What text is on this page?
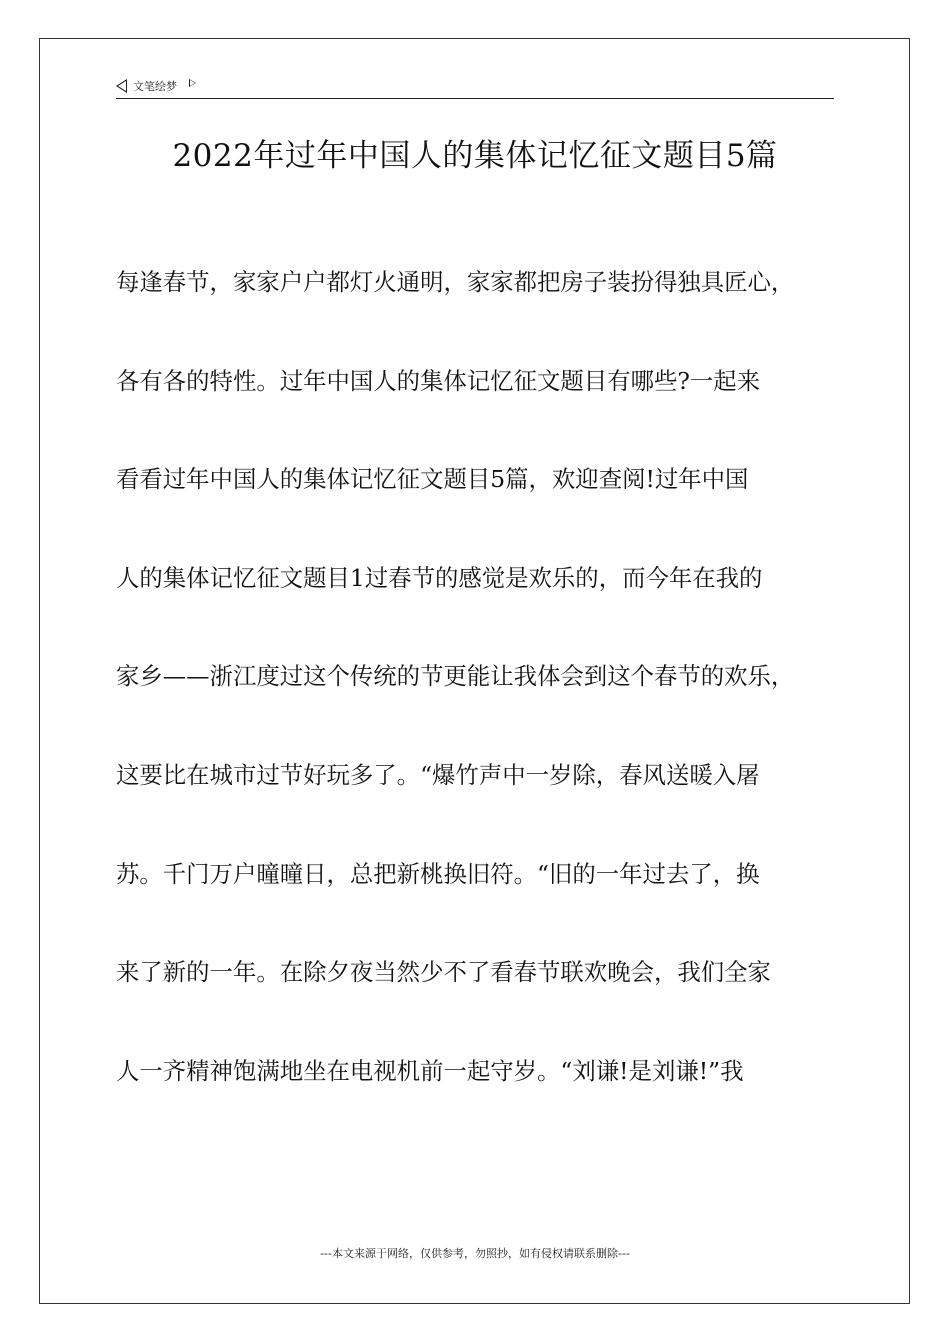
文笔绘梦
2022年过年中国人的集体记忆征文题目5篇
每逢春节，家家户户都灯火通明，家家都把房子装扮得独具匠心，
各有各的特性。过年中国人的集体记忆征文题目有哪些?一起来
看看过年中国人的集体记忆征文题目5篇，欢迎查阅!过年中国
人的集体记忆征文题目1过春节的感觉是欢乐的，而今年在我的
家乡——浙江度过这个传统的节更能让我体会到这个春节的欢乐，
这要比在城市过节好玩多了。“爆竹声中一岁除，春风送暖入屠
苏。千门万户曈曈日，总把新桃换旧符。“旧的一年过去了，换
来了新的一年。在除夕夜当然少不了看春节联欢晚会，我们全家
人一齐精神饱满地坐在电视机前一起守岁。“刘谦!是刘谦!”我
---本文来源于网络，仅供参考，勿照抄，如有侵权请联系删除---
